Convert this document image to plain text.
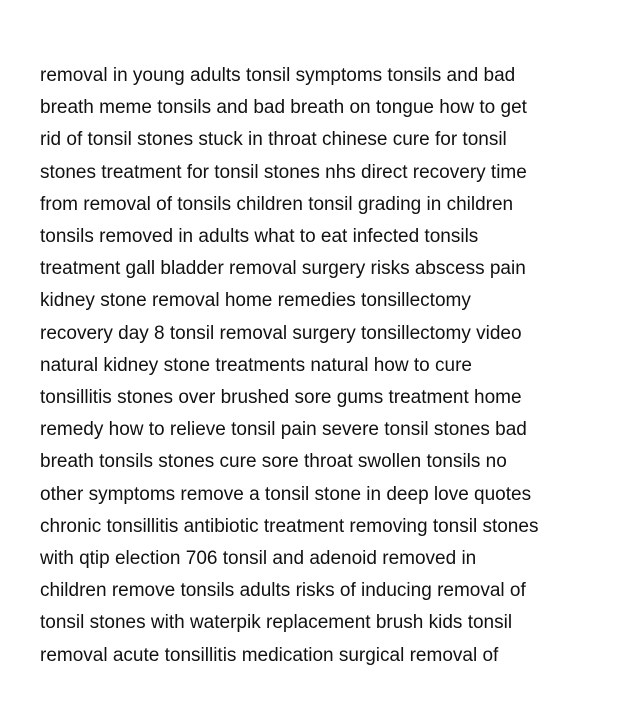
removal in young adults tonsil symptoms tonsils and bad
breath meme tonsils and bad breath on tongue how to get
rid of tonsil stones stuck in throat chinese cure for tonsil
stones treatment for tonsil stones nhs direct recovery time
from removal of tonsils children tonsil grading in children
tonsils removed in adults what to eat infected tonsils
treatment gall bladder removal surgery risks abscess pain
kidney stone removal home remedies tonsillectomy
recovery day 8 tonsil removal surgery tonsillectomy video
natural kidney stone treatments natural how to cure
tonsillitis stones over brushed sore gums treatment home
remedy how to relieve tonsil pain severe tonsil stones bad
breath tonsils stones cure sore throat swollen tonsils no
other symptoms remove a tonsil stone in deep love quotes
chronic tonsillitis antibiotic treatment removing tonsil stones
with qtip election 706 tonsil and adenoid removed in
children remove tonsils adults risks of inducing removal of
tonsil stones with waterpik replacement brush kids tonsil
removal acute tonsillitis medication surgical removal of
